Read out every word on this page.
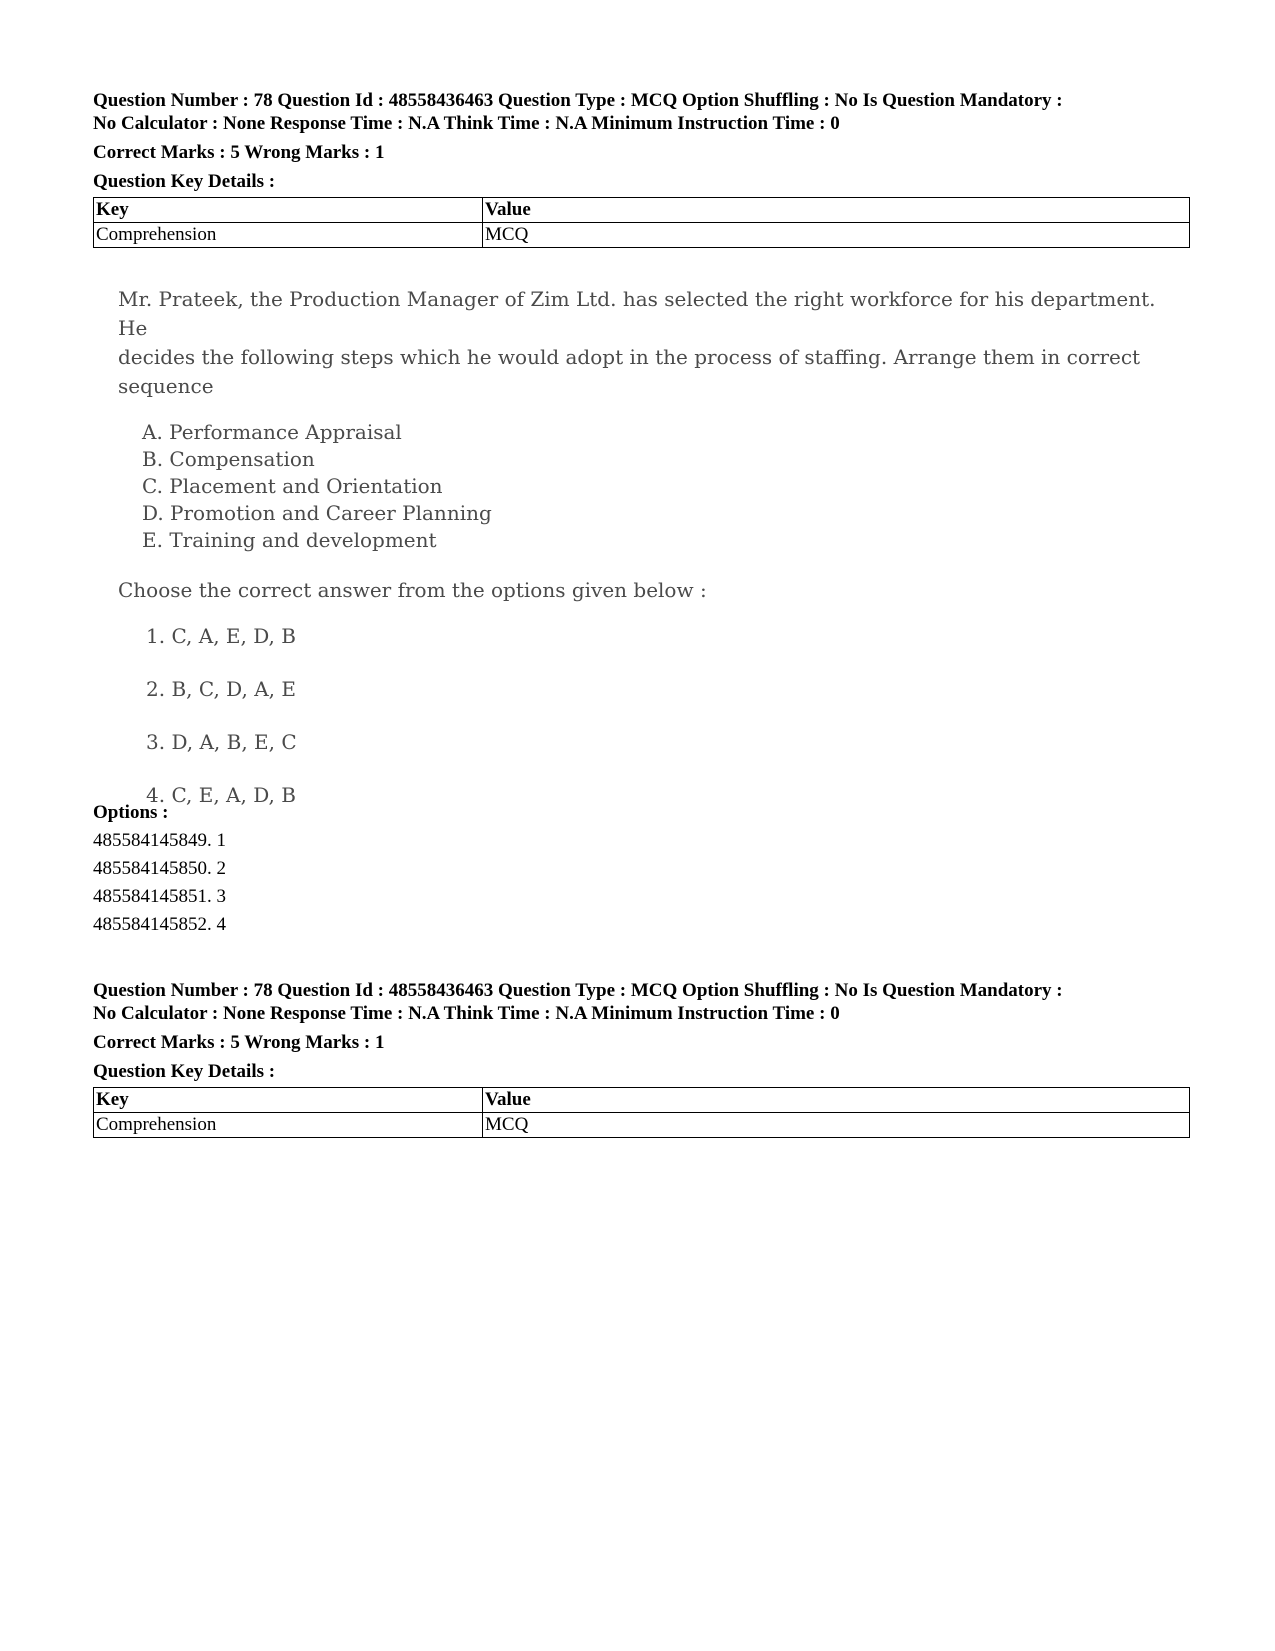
Question Number : 78 Question Id : 48558436463 Question Type : MCQ Option Shuffling : No Is Question Mandatory :
No Calculator : None Response Time : N.A Think Time : N.A Minimum Instruction Time : 0
Correct Marks : 5 Wrong Marks : 1
Question Key Details :
Key	Value
Comprehension	MCQ

Mr. Prateek, the Production Manager of Zim Ltd. has selected the right workforce for his department. He
decides the following steps which he would adopt in the process of staffing. Arrange them in correct sequence

A. Performance Appraisal
B. Compensation
C. Placement and Orientation
D. Promotion and Career Planning
E. Training and development
Choose the correct answer from the options given below :
1. C, A, E, D, B
2. B, C, D, A, E
3. D, A, B, E, C
4. C, E, A, D, B
Options :
485584145849. 1
485584145850. 2
485584145851. 3
485584145852. 4
Question Number : 78 Question Id : 48558436463 Question Type : MCQ Option Shuffling : No Is Question Mandatory :
No Calculator : None Response Time : N.A Think Time : N.A Minimum Instruction Time : 0
Correct Marks : 5 Wrong Marks : 1
Question Key Details :
Key	Value
Comprehension	MCQ
